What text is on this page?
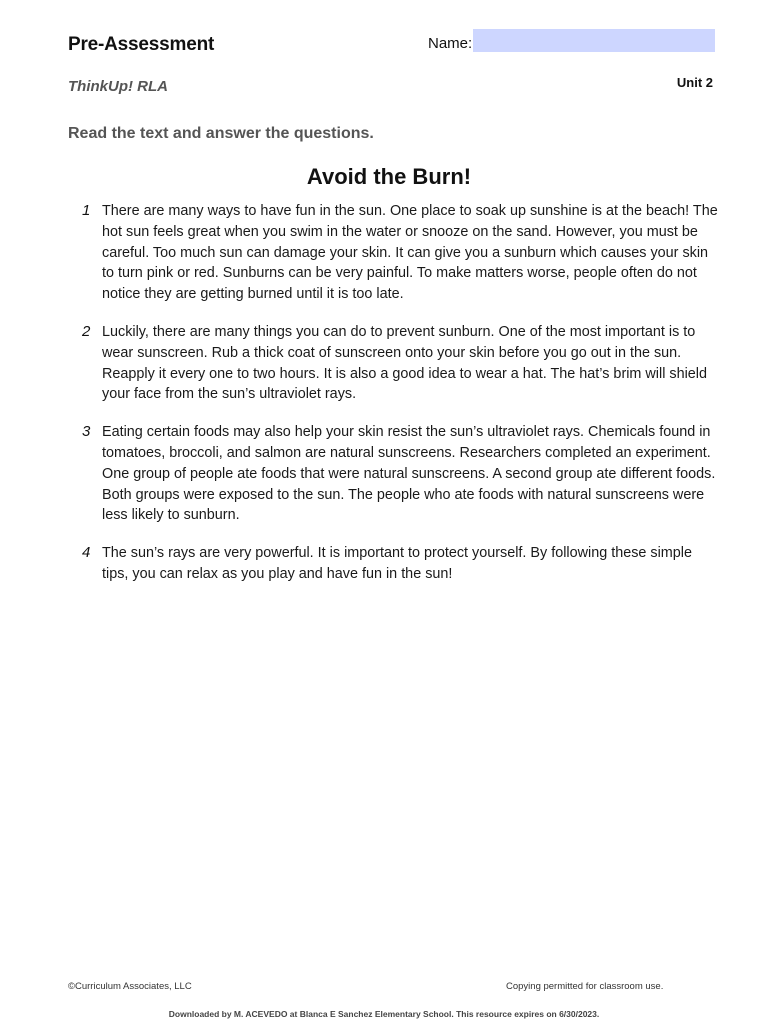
Pre-Assessment	Name:
ThinkUp! RLA	Unit 2
Read the text and answer the questions.
Avoid the Burn!
1 There are many ways to have fun in the sun. One place to soak up sunshine is at the beach! The hot sun feels great when you swim in the water or snooze on the sand. However, you must be careful. Too much sun can damage your skin. It can give you a sunburn which causes your skin to turn pink or red. Sunburns can be very painful. To make matters worse, people often do not notice they are getting burned until it is too late.
2 Luckily, there are many things you can do to prevent sunburn. One of the most important is to wear sunscreen. Rub a thick coat of sunscreen onto your skin before you go out in the sun. Reapply it every one to two hours. It is also a good idea to wear a hat. The hat’s brim will shield your face from the sun’s ultraviolet rays.
3 Eating certain foods may also help your skin resist the sun’s ultraviolet rays. Chemicals found in tomatoes, broccoli, and salmon are natural sunscreens. Researchers completed an experiment. One group of people ate foods that were natural sunscreens. A second group ate different foods. Both groups were exposed to the sun. The people who ate foods with natural sunscreens were less likely to sunburn.
4 The sun’s rays are very powerful. It is important to protect yourself. By following these simple tips, you can relax as you play and have fun in the sun!
©Curriculum Associates, LLC	Copying permitted for classroom use.
Downloaded by M. ACEVEDO at Blanca E Sanchez Elementary School. This resource expires on 6/30/2023.
